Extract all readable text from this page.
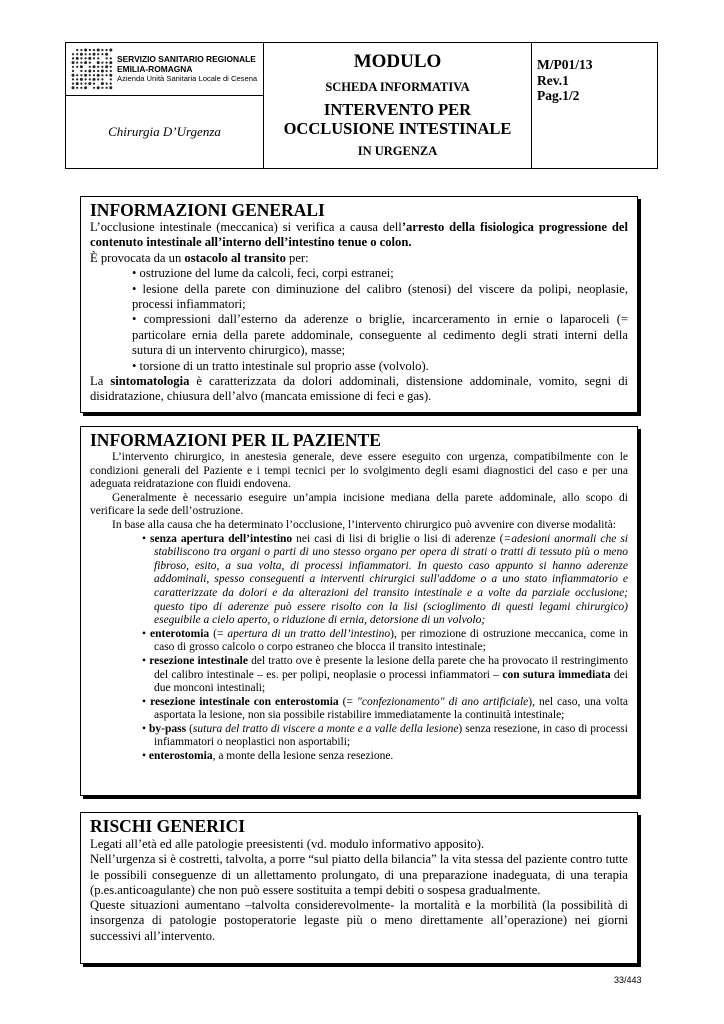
SERVIZIO SANITARIO REGIONALE
EMILIA-ROMAGNA
Azienda Unità Sanitaria Locale di Cesena
Chirurgia D’Urgenza
MODULO
SCHEDA INFORMATIVA
INTERVENTO PER
OCCLUSIONE INTESTINALE
IN URGENZA
M/P01/13
Rev.1
Pag.1/2
INFORMAZIONI GENERALI

L’occlusione intestinale (meccanica) si verifica a causa dell’arresto della fisiologica progressione del contenuto intestinale all’interno dell’intestino tenue o colon.

È provocata da un ostacolo al transito per:

• ostruzione del lume da calcoli, feci, corpi estranei;

• lesione della parete con diminuzione del calibro (stenosi) del viscere da polipi, neoplasie, processi infiammatori;

• compressioni dall’esterno da aderenze o briglie, incarceramento in ernie o laparoceli (= particolare ernia della parete addominale, conseguente al cedimento degli strati interni della sutura di un intervento chirurgico), masse;

• torsione di un tratto intestinale sul proprio asse (volvolo).

La sintomatologia è caratterizzata da dolori addominali, distensione addominale, vomito, segni di disidratazione, chiusura dell’alvo (mancata emissione di feci e gas).

INFORMAZIONI PER IL PAZIENTE

L’intervento chirurgico, in anestesia generale, deve essere eseguito con urgenza, compatibilmente con le condizioni generali del Paziente e i tempi tecnici per lo svolgimento degli esami diagnostici del caso e per una adeguata reidratazione con fluidi endovena.

Generalmente è necessario eseguire un’ampia incisione mediana della parete addominale, allo scopo di verificare la sede dell’ostruzione.

In base alla causa che ha determinato l’occlusione, l’intervento chirurgico può avvenire con diverse modalità:

• senza apertura dell’intestino nei casi di lisi di briglie o lisi di aderenze (=adesioni anormali che si stabiliscono tra organi o parti di uno stesso organo per opera di strati o tratti di tessuto più o meno fibroso, esito, a sua volta, di processi infiammatori. In questo caso appunto si hanno aderenze addominali, spesso conseguenti a interventi chirurgici sull'addome o a uno stato infiammatorio e caratterizzate da dolori e da alterazioni del transito intestinale e a volte da parziale occlusione; questo tipo di aderenze può essere risolto con la lisi (scioglimento di questi legami chirurgico) eseguibile a cielo aperto, o riduzione di ernia, detorsione di un volvolo;

• enterotomia (= apertura di un tratto dell’intestino), per rimozione di ostruzione meccanica, come in caso di grosso calcolo o corpo estraneo che blocca il transito intestinale;

• resezione intestinale del tratto ove è presente la lesione della parete che ha provocato il restringimento del calibro intestinale – es. per polipi, neoplasie o processi infiammatori – con sutura immediata dei due monconi intestinali;

• resezione intestinale con enterostomia (= "confezionamento" di ano artificiale), nel caso, una volta asportata la lesione, non sia possibile ristabilire immediatamente la continuità intestinale;

• by-pass (sutura del tratto di viscere a monte e a valle della lesione) senza resezione, in caso di processi infiammatori o neoplastici non asportabili;

• enterostomia, a monte della lesione senza resezione.

RISCHI GENERICI

Legati all’età ed alle patologie preesistenti (vd. modulo informativo apposito).

Nell’urgenza si è costretti, talvolta, a porre “sul piatto della bilancia” la vita stessa del paziente contro tutte le possibili conseguenze di un allettamento prolungato, di una preparazione inadeguata, di una terapia (p.es.anticoagulante) che non può essere sostituita a tempi debiti o sospesa gradualmente.

Queste situazioni aumentano –talvolta considerevolmente- la mortalità e la morbilità (la possibilità di insorgenza di patologie postoperatorie legaste più o meno direttamente all’operazione) nei giorni successivi all’intervento.

33/443
